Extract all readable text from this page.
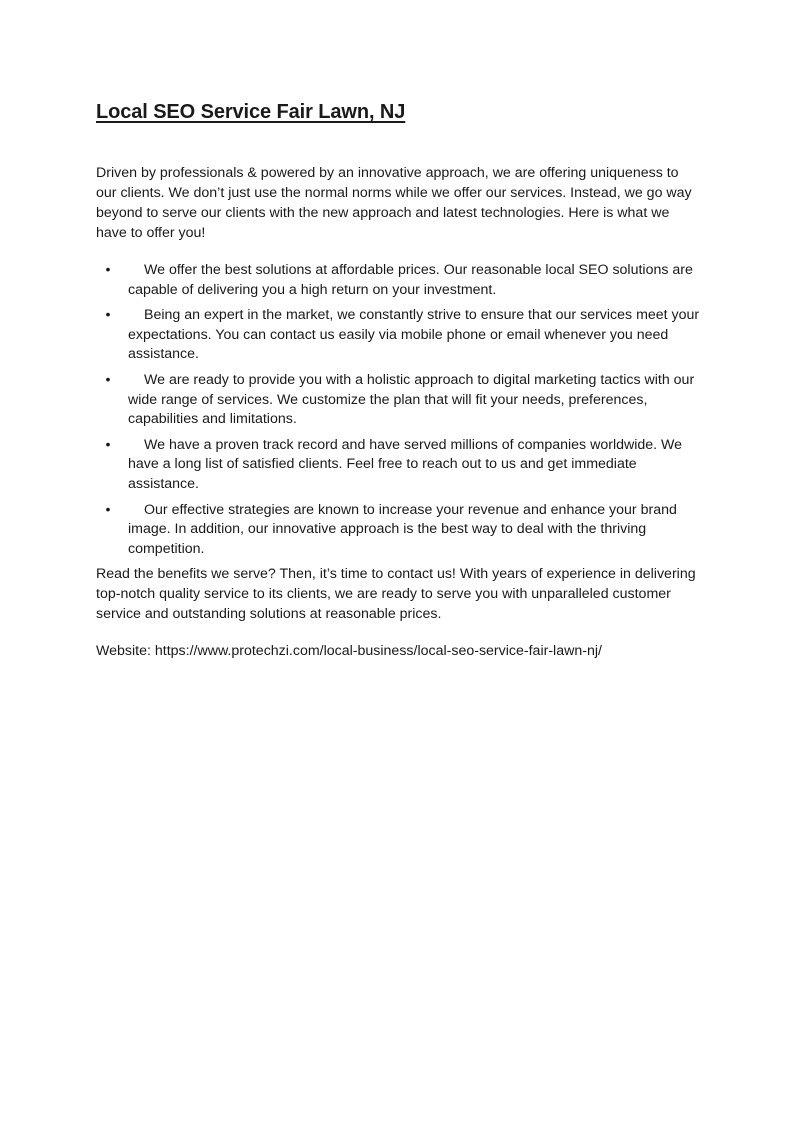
Local SEO Service Fair Lawn, NJ

Driven by professionals & powered by an innovative approach, we are offering uniqueness to our clients. We don’t just use the normal norms while we offer our services. Instead, we go way beyond to serve our clients with the new approach and latest technologies. Here is what we have to offer you!

•	We offer the best solutions at affordable prices. Our reasonable local SEO solutions are capable of delivering you a high return on your investment.
•	Being an expert in the market, we constantly strive to ensure that our services meet your expectations. You can contact us easily via mobile phone or email whenever you need assistance.
•	We are ready to provide you with a holistic approach to digital marketing tactics with our wide range of services. We customize the plan that will fit your needs, preferences, capabilities and limitations.
•	We have a proven track record and have served millions of companies worldwide. We have a long list of satisfied clients. Feel free to reach out to us and get immediate assistance.
•	Our effective strategies are known to increase your revenue and enhance your brand image. In addition, our innovative approach is the best way to deal with the thriving competition.

Read the benefits we serve? Then, it’s time to contact us! With years of experience in delivering top-notch quality service to its clients, we are ready to serve you with unparalleled customer service and outstanding solutions at reasonable prices.

Website: https://www.protechzi.com/local-business/local-seo-service-fair-lawn-nj/
